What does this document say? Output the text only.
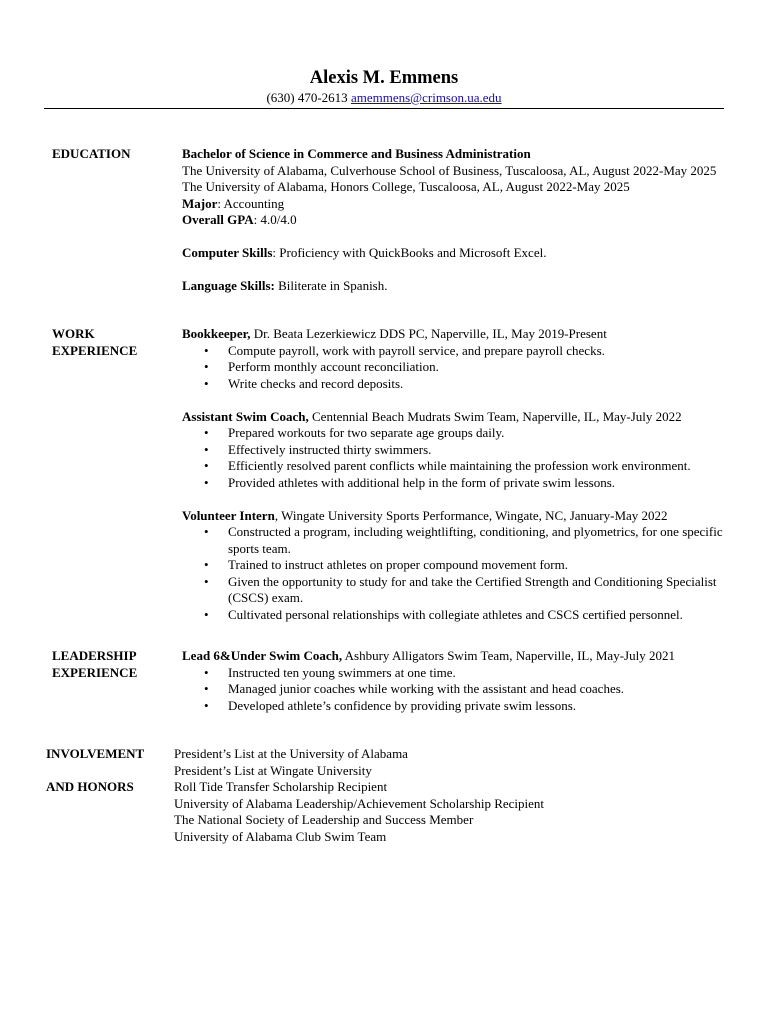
Alexis M. Emmens
(630) 470-2613 amemmens@crimson.ua.edu
EDUCATION	Bachelor of Science in Commerce and Business Administration
The University of Alabama, Culverhouse School of Business, Tuscaloosa, AL, August 2022-May 2025
The University of Alabama, Honors College, Tuscaloosa, AL, August 2022-May 2025
Major: Accounting
Overall GPA: 4.0/4.0
Computer Skills: Proficiency with QuickBooks and Microsoft Excel.
Language Skills: Biliterate in Spanish.
WORK
EXPERIENCE
Bookkeeper, Dr. Beata Lezerkiewicz DDS PC, Naperville, IL, May 2019-Present
• Compute payroll, work with payroll service, and prepare payroll checks.
• Perform monthly account reconciliation.
• Write checks and record deposits.
Assistant Swim Coach, Centennial Beach Mudrats Swim Team, Naperville, IL, May-July 2022
• Prepared workouts for two separate age groups daily.
• Effectively instructed thirty swimmers.
• Efficiently resolved parent conflicts while maintaining the profession work environment.
• Provided athletes with additional help in the form of private swim lessons.
Volunteer Intern, Wingate University Sports Performance, Wingate, NC, January-May 2022
• Constructed a program, including weightlifting, conditioning, and plyometrics, for one specific sports team.
• Trained to instruct athletes on proper compound movement form.
• Given the opportunity to study for and take the Certified Strength and Conditioning Specialist (CSCS) exam.
• Cultivated personal relationships with collegiate athletes and CSCS certified personnel.
LEADERSHIP
EXPERIENCE
Lead 6&Under Swim Coach, Ashbury Alligators Swim Team, Naperville, IL, May-July 2021
• Instructed ten young swimmers at one time.
• Managed junior coaches while working with the assistant and head coaches.
• Developed athlete’s confidence by providing private swim lessons.
INVOLVEMENT
AND HONORS
President’s List at the University of Alabama
President’s List at Wingate University
Roll Tide Transfer Scholarship Recipient
University of Alabama Leadership/Achievement Scholarship Recipient
The National Society of Leadership and Success Member
University of Alabama Club Swim Team
